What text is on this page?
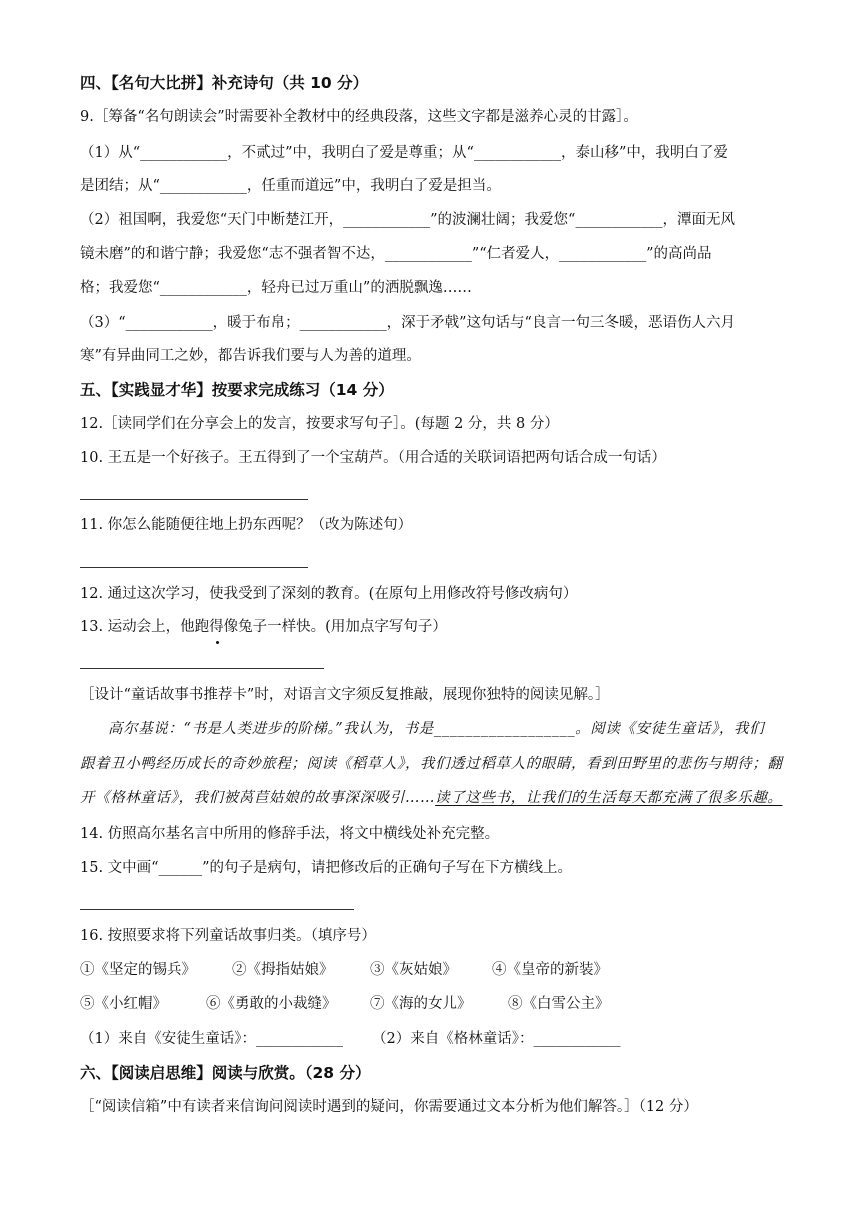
四、【名句大比拼】补充诗句（共 10 分）
9.［筹备“名句朗读会”时需要补全教材中的经典段落，这些文字都是滋养心灵的甘露］。
（1）从“____________，不贰过”中，我明白了爱是尊重；从“____________，泰山移”中，我明白了爱
是团结；从“____________，任重而道远”中，我明白了爱是担当。
（2）祖国啊，我爱您“天门中断楚江开，____________”的波澜壮阔；我爱您“____________，潭面无风
镜未磨”的和谐宁静；我爱您“志不强者智不达，____________”“仁者爱人，____________”的高尚品
格；我爱您“____________，轻舟已过万重山”的洒脱飘逸……
（3）“____________，暖于布帛；____________，深于矛戟”这句话与“良言一句三冬暖，恶语伤人六月
寒”有异曲同工之妙，都告诉我们要与人为善的道理。
五、【实践显才华】按要求完成练习（14 分）
12.［读同学们在分享会上的发言，按要求写句子］。(每题 2 分，共 8 分）
10. 王五是一个好孩子。王五得到了一个宝葫芦。（用合适的关联词语把两句话合成一句话）
11. 你怎么能随便往地上扔东西呢？（改为陈述句）
12. 通过这次学习，使我受到了深刻的教育。(在原句上用修改符号修改病句）
13. 运动会上，他跑得像兔子一样快。(用加点字写句子）
［设计“童话故事书推荐卡”时，对语言文字须反复推敲，展现你独特的阅读见解。］
高尔基说：“书是人类进步的阶梯。”我认为，书是__________________。阅读《安徒生童话》，我们
跟着丑小鸭经历成长的奇妙旅程；阅读《稻草人》，我们透过稻草人的眼睛，看到田野里的悲伤与期待；翻
开《格林童话》，我们被莴苣姑娘的故事深深吸引……读了这些书，让我们的生活每天都充满了很多乐趣。
14. 仿照高尔基名言中所用的修辞手法，将文中横线处补充完整。
15. 文中画“______”的句子是病句，请把修改后的正确句子写在下方横线上。
16. 按照要求将下列童话故事归类。（填序号）
①《坚定的锡兵》 ②《拇指姑娘》	③《灰姑娘》 ④《皇帝的新装》
⑤《小红帽》	⑥《勇敢的小裁缝》 ⑦《海的女儿》	⑧《白雪公主》
（1）来自《安徒生童话》：____________ （2）来自《格林童话》：____________
六、【阅读启思维】阅读与欣赏。（28 分）
［“阅读信箱”中有读者来信询问阅读时遇到的疑问，你需要通过文本分析为他们解答。］（12 分）
